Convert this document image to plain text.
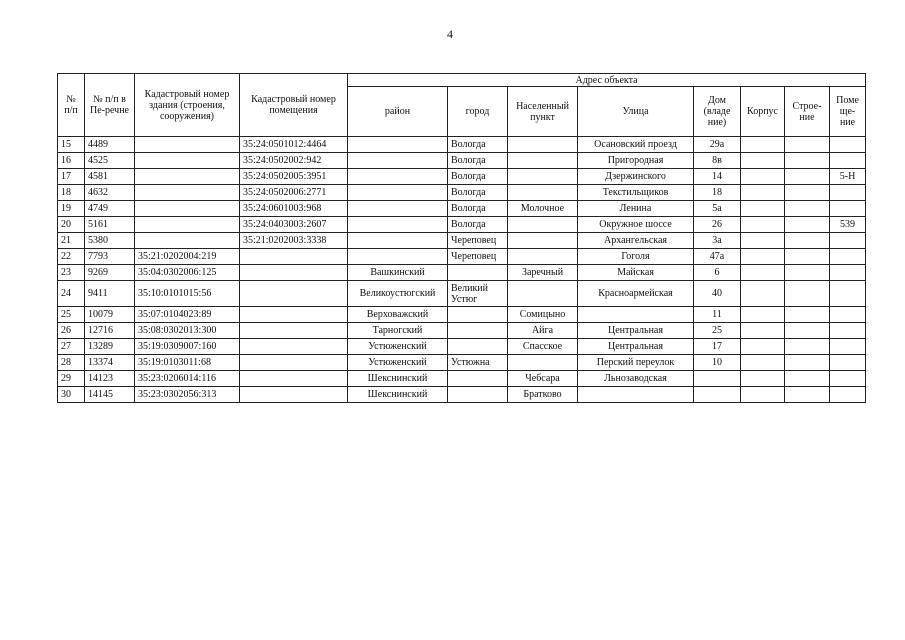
4
№ п/п	№ п/п в Пе-речне	Кадастровый номер здания (строения, сооружения)	Кадастровый номер помещения	Адрес объекта							
				район	город	Населенный пункт	Улица	Дом (владе ние)	Корпус	Строе-ние	Поме ще-ние
15	4489		35:24:0501012:4464		Вологда		Осановский проезд	29а			
16	4525		35:24:0502002:942		Вологда		Пригородная	8в			
17	4581		35:24:0502005:3951		Вологда		Дзержинского	14			5-Н
18	4632		35:24:0502006:2771		Вологда		Текстильщиков	18			
19	4749		35:24:0601003:968		Вологда	Молочное	Ленина	5а			
20	5161		35:24:0403003:2607		Вологда		Окружное шоссе	26			539
21	5380		35:21:0202003:3338		Череповец		Архангельская	3а			
22	7793	35:21:0202004:219			Череповец		Гоголя	47а			
23	9269	35:04:0302006:125		Вашкинский		Заречный	Майская	6			
24	9411	35:10:0101015:56		Великоустюгский	Великий Устюг		Красноармейская	40			
25	10079	35:07:0104023:89		Верховажский		Сомицыно		11			
26	12716	35:08:0302013:300		Тарногский		Айга	Центральная	25			
27	13289	35:19:0309007:160		Устюженский		Спасское	Центральная	17			
28	13374	35:19:0103011:68		Устюженский	Устюжна		Перский переулок	10			
29	14123	35:23:0206014:116		Шекснинский		Чебсара	Льнозаводская				
30	14145	35:23:0302056:313		Шекснинский		Братково					
